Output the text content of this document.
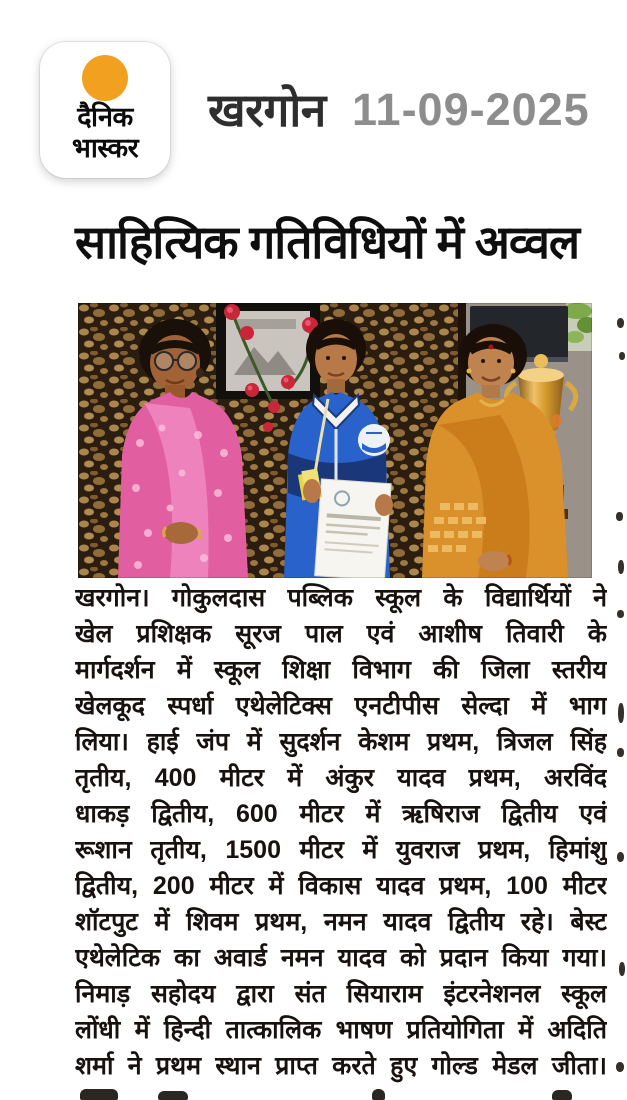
दैनिक
भास्कर
खरगोन 11-09-2025
साहित्यिक गतिविधियों में अव्वल
खरगोन। गोकुलदास पब्लिक स्कूल के विद्यार्थियों ने
खेल प्रशिक्षक सूरज पाल एवं आशीष तिवारी के
मार्गदर्शन में स्कूल शिक्षा विभाग की जिला स्तरीय
खेलकूद स्पर्धा एथेलेटिक्स एनटीपीस सेल्दा में भाग
लिया। हाई जंप में सुदर्शन केशम प्रथम, त्रिजल सिंह
तृतीय, 400 मीटर में अंकुर यादव प्रथम, अरविंद
धाकड़ द्वितीय, 600 मीटर में ऋषिराज द्वितीय एवं
रूशान तृतीय, 1500 मीटर में युवराज प्रथम, हिमांशु
द्वितीय, 200 मीटर में विकास यादव प्रथम, 100 मीटर
शॉटपुट में शिवम प्रथम, नमन यादव द्वितीय रहे। बेस्ट
एथेलेटिक का अवार्ड नमन यादव को प्रदान किया गया।
निमाड़ सहोदय द्वारा संत सियाराम इंटरनेशनल स्कूल
लोंधी में हिन्दी तात्कालिक भाषण प्रतियोगिता में अदिति
शर्मा ने प्रथम स्थान प्राप्त करते हुए गोल्ड मेडल जीता।
